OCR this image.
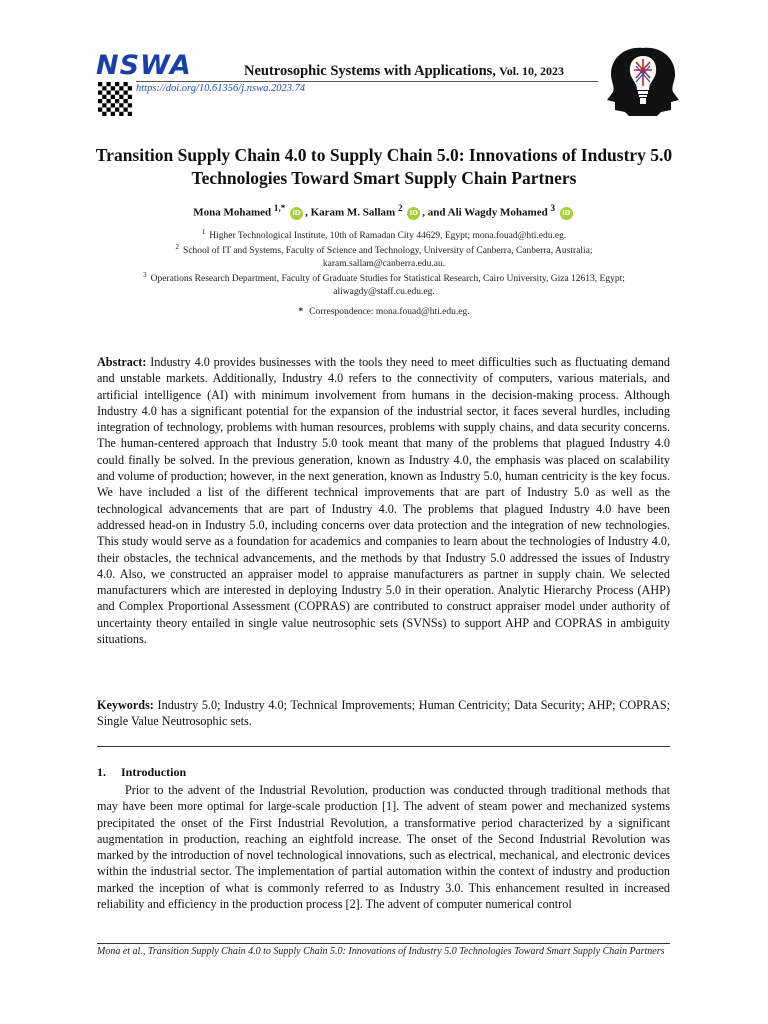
NSWA	Neutrosophic Systems with Applications, Vol. 10, 2023
https://doi.org/10.61356/j.nswa.2023.74
Transition Supply Chain 4.0 to Supply Chain 5.0: Innovations of Industry 5.0 Technologies Toward Smart Supply Chain Partners
Mona Mohamed $^{1,*}$ iD , Karam M. Sallam $^2$ iD , and Ali Wagdy Mohamed $^3$ iD
$^1$ Higher Technological Institute, 10th of Ramadan City 44629, Egypt; mona.fouad@hti.edu.eg.
$^2$ School of IT and Systems, Faculty of Science and Technology, University of Canberra, Canberra, Australia;
karam.sallam@canberra.edu.au.
$^3$ Operations Research Department, Faculty of Graduate Studies for Statistical Research, Cairo University, Giza 12613, Egypt;
aliwagdy@staff.cu.edu.eg.
* Correspondence: mona.fouad@hti.edu.eg.
Abstract: Industry 4.0 provides businesses with the tools they need to meet difficulties such as fluctuating demand and unstable markets. Additionally, Industry 4.0 refers to the connectivity of computers, various materials, and artificial intelligence (AI) with minimum involvement from humans in the decision-making process. Although Industry 4.0 has a significant potential for the expansion of the industrial sector, it faces several hurdles, including integration of technology, problems with human resources, problems with supply chains, and data security concerns. The human-centered approach that Industry 5.0 took meant that many of the problems that plagued Industry 4.0 could finally be solved. In the previous generation, known as Industry 4.0, the emphasis was placed on scalability and volume of production; however, in the next generation, known as Industry 5.0, human centricity is the key focus. We have included a list of the different technical improvements that are part of Industry 5.0 as well as the technological advancements that are part of Industry 4.0. The problems that plagued Industry 4.0 have been addressed head-on in Industry 5.0, including concerns over data protection and the integration of new technologies. This study would serve as a foundation for academics and companies to learn about the technologies of Industry 4.0, their obstacles, the technical advancements, and the methods by that Industry 5.0 addressed the issues of Industry 4.0. Also, we constructed an appraiser model to appraise manufacturers as partner in supply chain. We selected manufacturers which are interested in deploying Industry 5.0 in their operation. Analytic Hierarchy Process (AHP) and Complex Proportional Assessment (COPRAS) are contributed to construct appraiser model under authority of uncertainty theory entailed in single value neutrosophic sets (SVNSs) to support AHP and COPRAS in ambiguity situations.
Keywords: Industry 5.0; Industry 4.0; Technical Improvements; Human Centricity; Data Security; AHP; COPRAS; Single Value Neutrosophic sets.
1. Introduction
Prior to the advent of the Industrial Revolution, production was conducted through traditional methods that may have been more optimal for large-scale production [1]. The advent of steam power and mechanized systems precipitated the onset of the First Industrial Revolution, a transformative period characterized by a significant augmentation in production, reaching an eightfold increase. The onset of the Second Industrial Revolution was marked by the introduction of novel technological innovations, such as electrical, mechanical, and electronic devices within the industrial sector. The implementation of partial automation within the context of industry and production marked the inception of what is commonly referred to as Industry 3.0. This enhancement resulted in increased reliability and efficiency in the production process [2]. The advent of computer numerical control
Mona et al., Transition Supply Chain 4.0 to Supply Chain 5.0: Innovations of Industry 5.0 Technologies Toward Smart Supply Chain Partners
